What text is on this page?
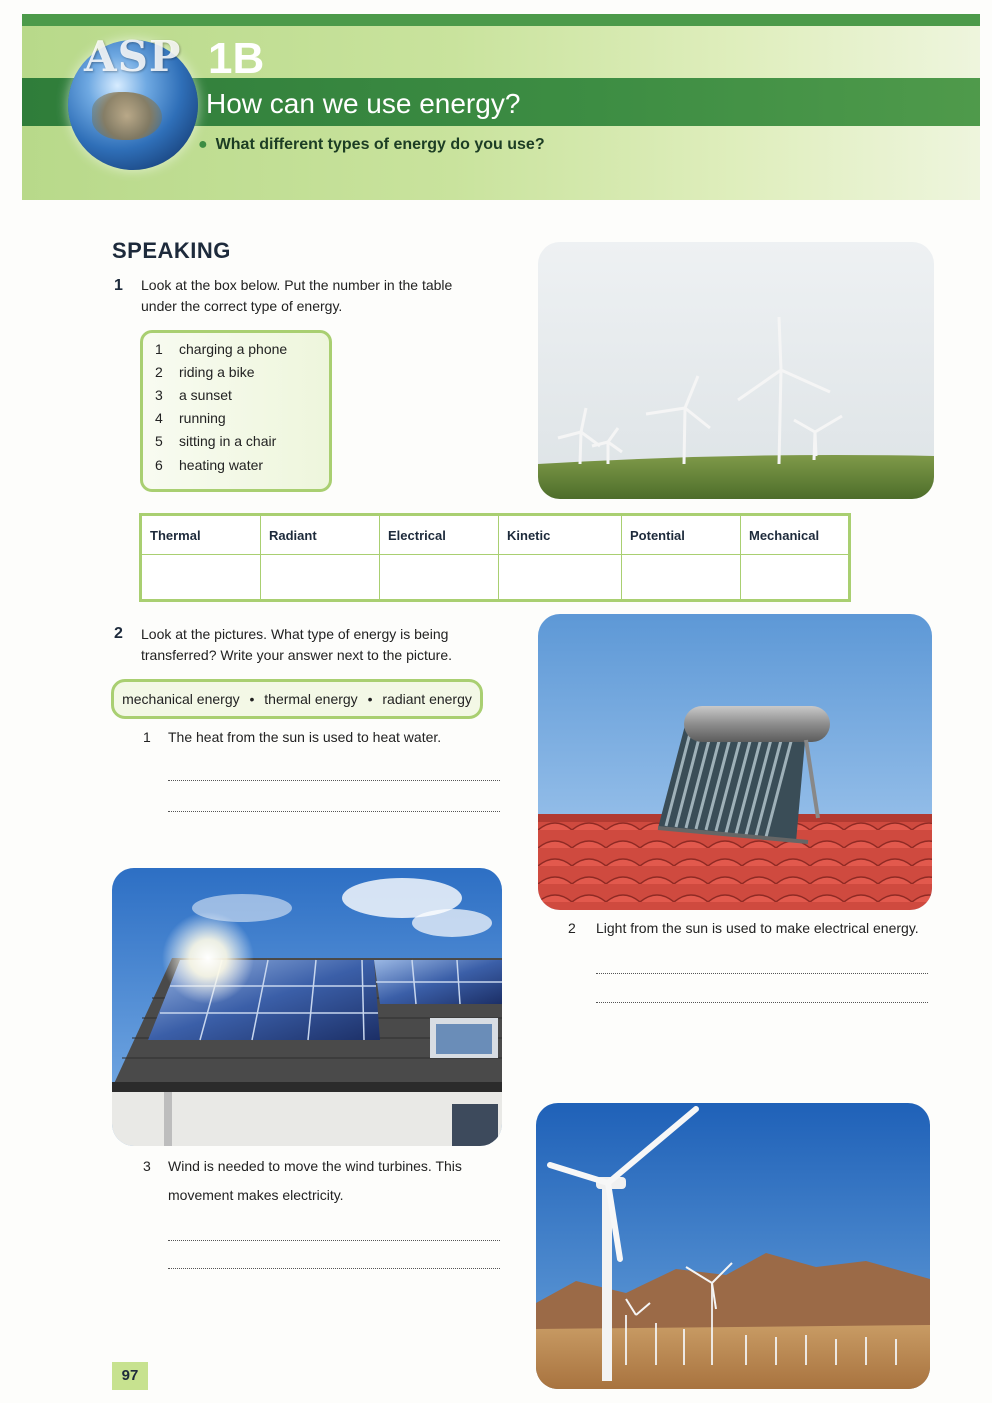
ASP 1B
How can we use energy?
● What different types of energy do you use?
SPEAKING
1 Look at the box below. Put the number in the table under the correct type of energy.
1 charging a phone
2 riding a bike
3 a sunset
4 running
5 sitting in a chair
6 heating water
Thermal	Radiant	Electrical	Kinetic	Potential	Mechanical

2 Look at the pictures. What type of energy is being transferred? Write your answer next to the picture.
mechanical energy • thermal energy • radiant energy
1 The heat from the sun is used to heat water.
2 Light from the sun is used to make electrical energy.
3 Wind is needed to move the wind turbines. This
movement makes electricity.
97
